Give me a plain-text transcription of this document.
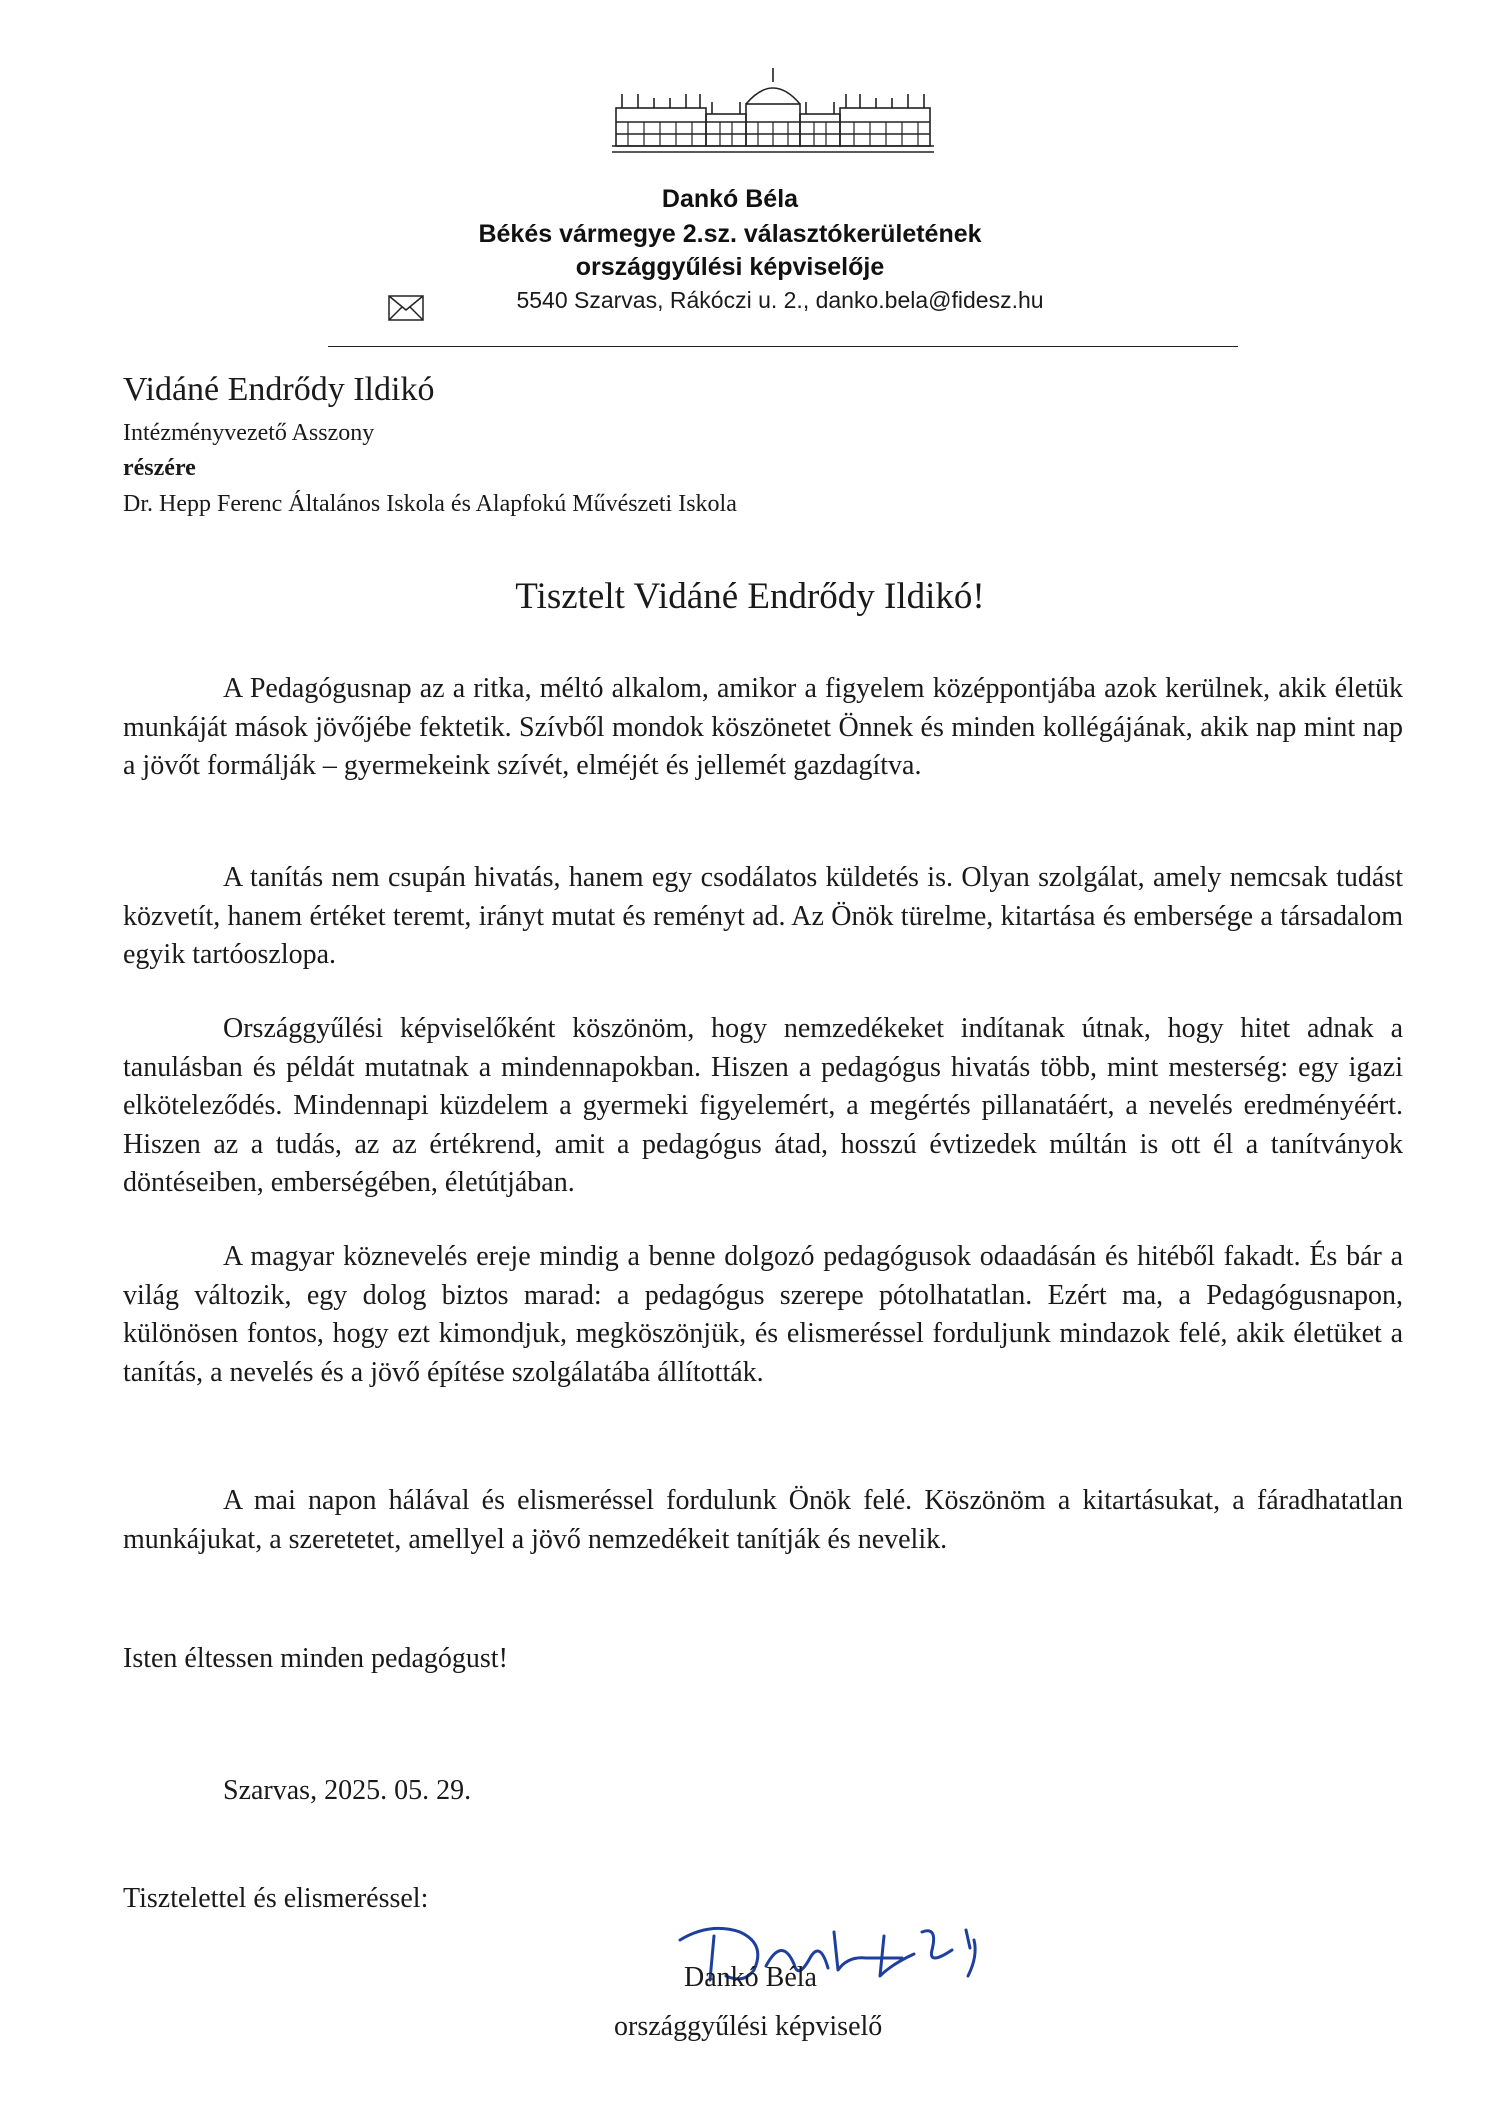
Dankó Béla
Békés vármegye 2.sz. választókerületének
országgyűlési képviselője
5540 Szarvas, Rákóczi u. 2., danko.bela@fidesz.hu
Vidáné Endrődy Ildikó
Intézményvezető Asszony
részére
Dr. Hepp Ferenc Általános Iskola és Alapfokú Művészeti Iskola
Tisztelt Vidáné Endrődy Ildikó!

A Pedagógusnap az a ritka, méltó alkalom, amikor a figyelem középpontjába azok kerülnek, akik életük munkáját mások jövőjébe fektetik. Szívből mondok köszönetet Önnek és minden kollégájának, akik nap mint nap a jövőt formálják – gyermekeink szívét, elméjét és jellemét gazdagítva.

A tanítás nem csupán hivatás, hanem egy csodálatos küldetés is. Olyan szolgálat, amely nemcsak tudást közvetít, hanem értéket teremt, irányt mutat és reményt ad. Az Önök türelme, kitartása és embersége a társadalom egyik tartóoszlopa.

Országgyűlési képviselőként köszönöm, hogy nemzedékeket indítanak útnak, hogy hitet adnak a tanulásban és példát mutatnak a mindennapokban. Hiszen a pedagógus hivatás több, mint mesterség: egy igazi elköteleződés. Mindennapi küzdelem a gyermeki figyelemért, a megértés pillanatáért, a nevelés eredményéért. Hiszen az a tudás, az az értékrend, amit a pedagógus átad, hosszú évtizedek múltán is ott él a tanítványok döntéseiben, emberségében, életútjában.

A magyar köznevelés ereje mindig a benne dolgozó pedagógusok odaadásán és hitéből fakadt. És bár a világ változik, egy dolog biztos marad: a pedagógus szerepe pótolhatatlan. Ezért ma, a Pedagógusnapon, különösen fontos, hogy ezt kimondjuk, megköszönjük, és elismeréssel forduljunk mindazok felé, akik életüket a tanítás, a nevelés és a jövő építése szolgálatába állították.

A mai napon hálával és elismeréssel fordulunk Önök felé. Köszönöm a kitartásukat, a fáradhatatlan munkájukat, a szeretetet, amellyel a jövő nemzedékeit tanítják és nevelik.

Isten éltessen minden pedagógust!
Szarvas, 2025. 05. 29.
Tisztelettel és elismeréssel:
Dankó Béla
országgyűlési képviselő
